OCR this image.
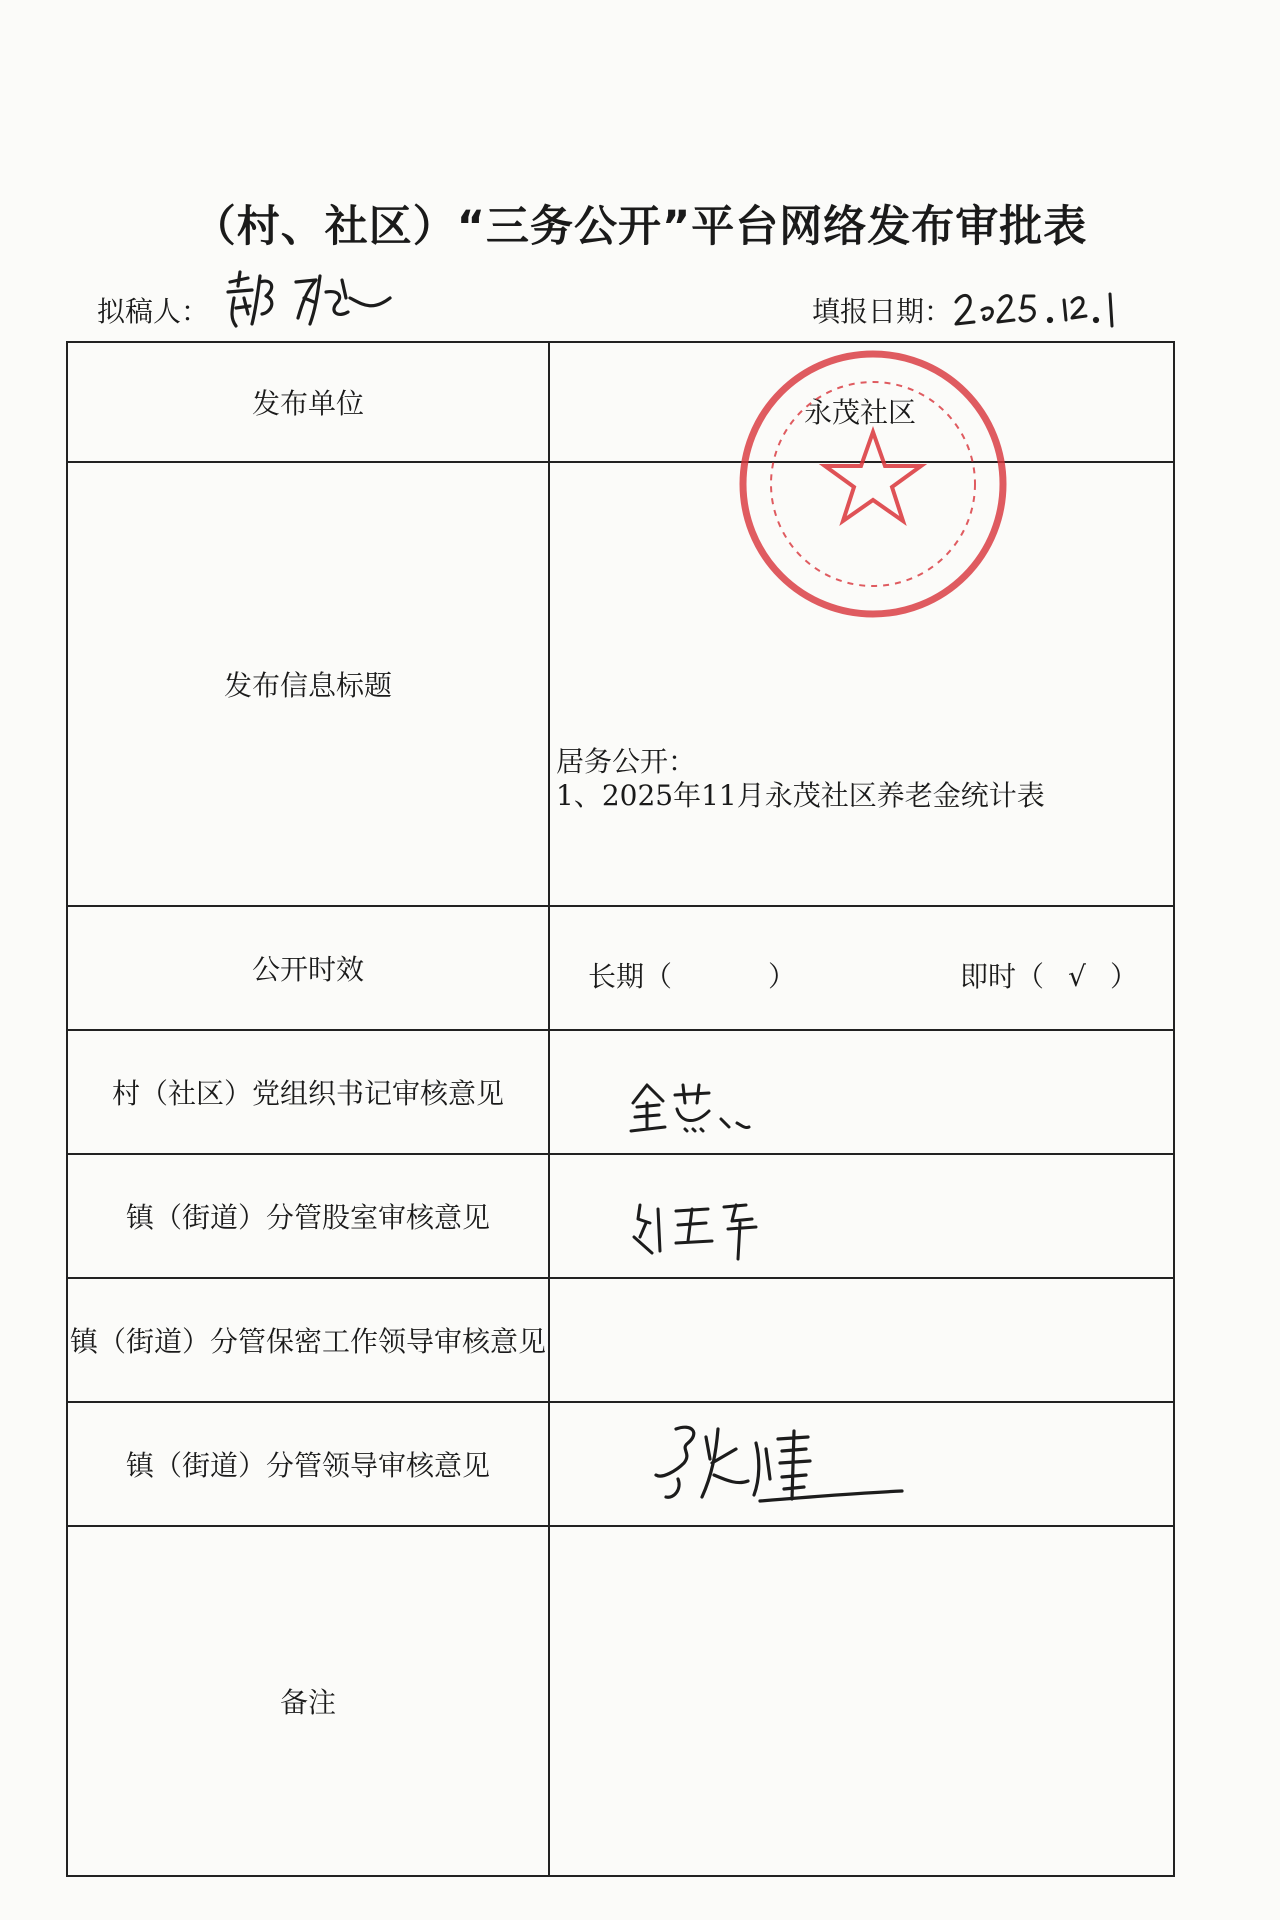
（村、社区）“三务公开”平台网络发布审批表
拟稿人：	填报日期：
发布单位	永茂社区

发布信息标题	居务公开：
1、2025年11月永茂社区养老金统计表

公开时效	长期（ ） 即时（ √ ）

村（社区）党组织书记审核意见	

镇（街道）分管股室审核意见	

镇（街道）分管保密工作领导审核意见	
镇（街道）分管领导审核意见	

备注	
